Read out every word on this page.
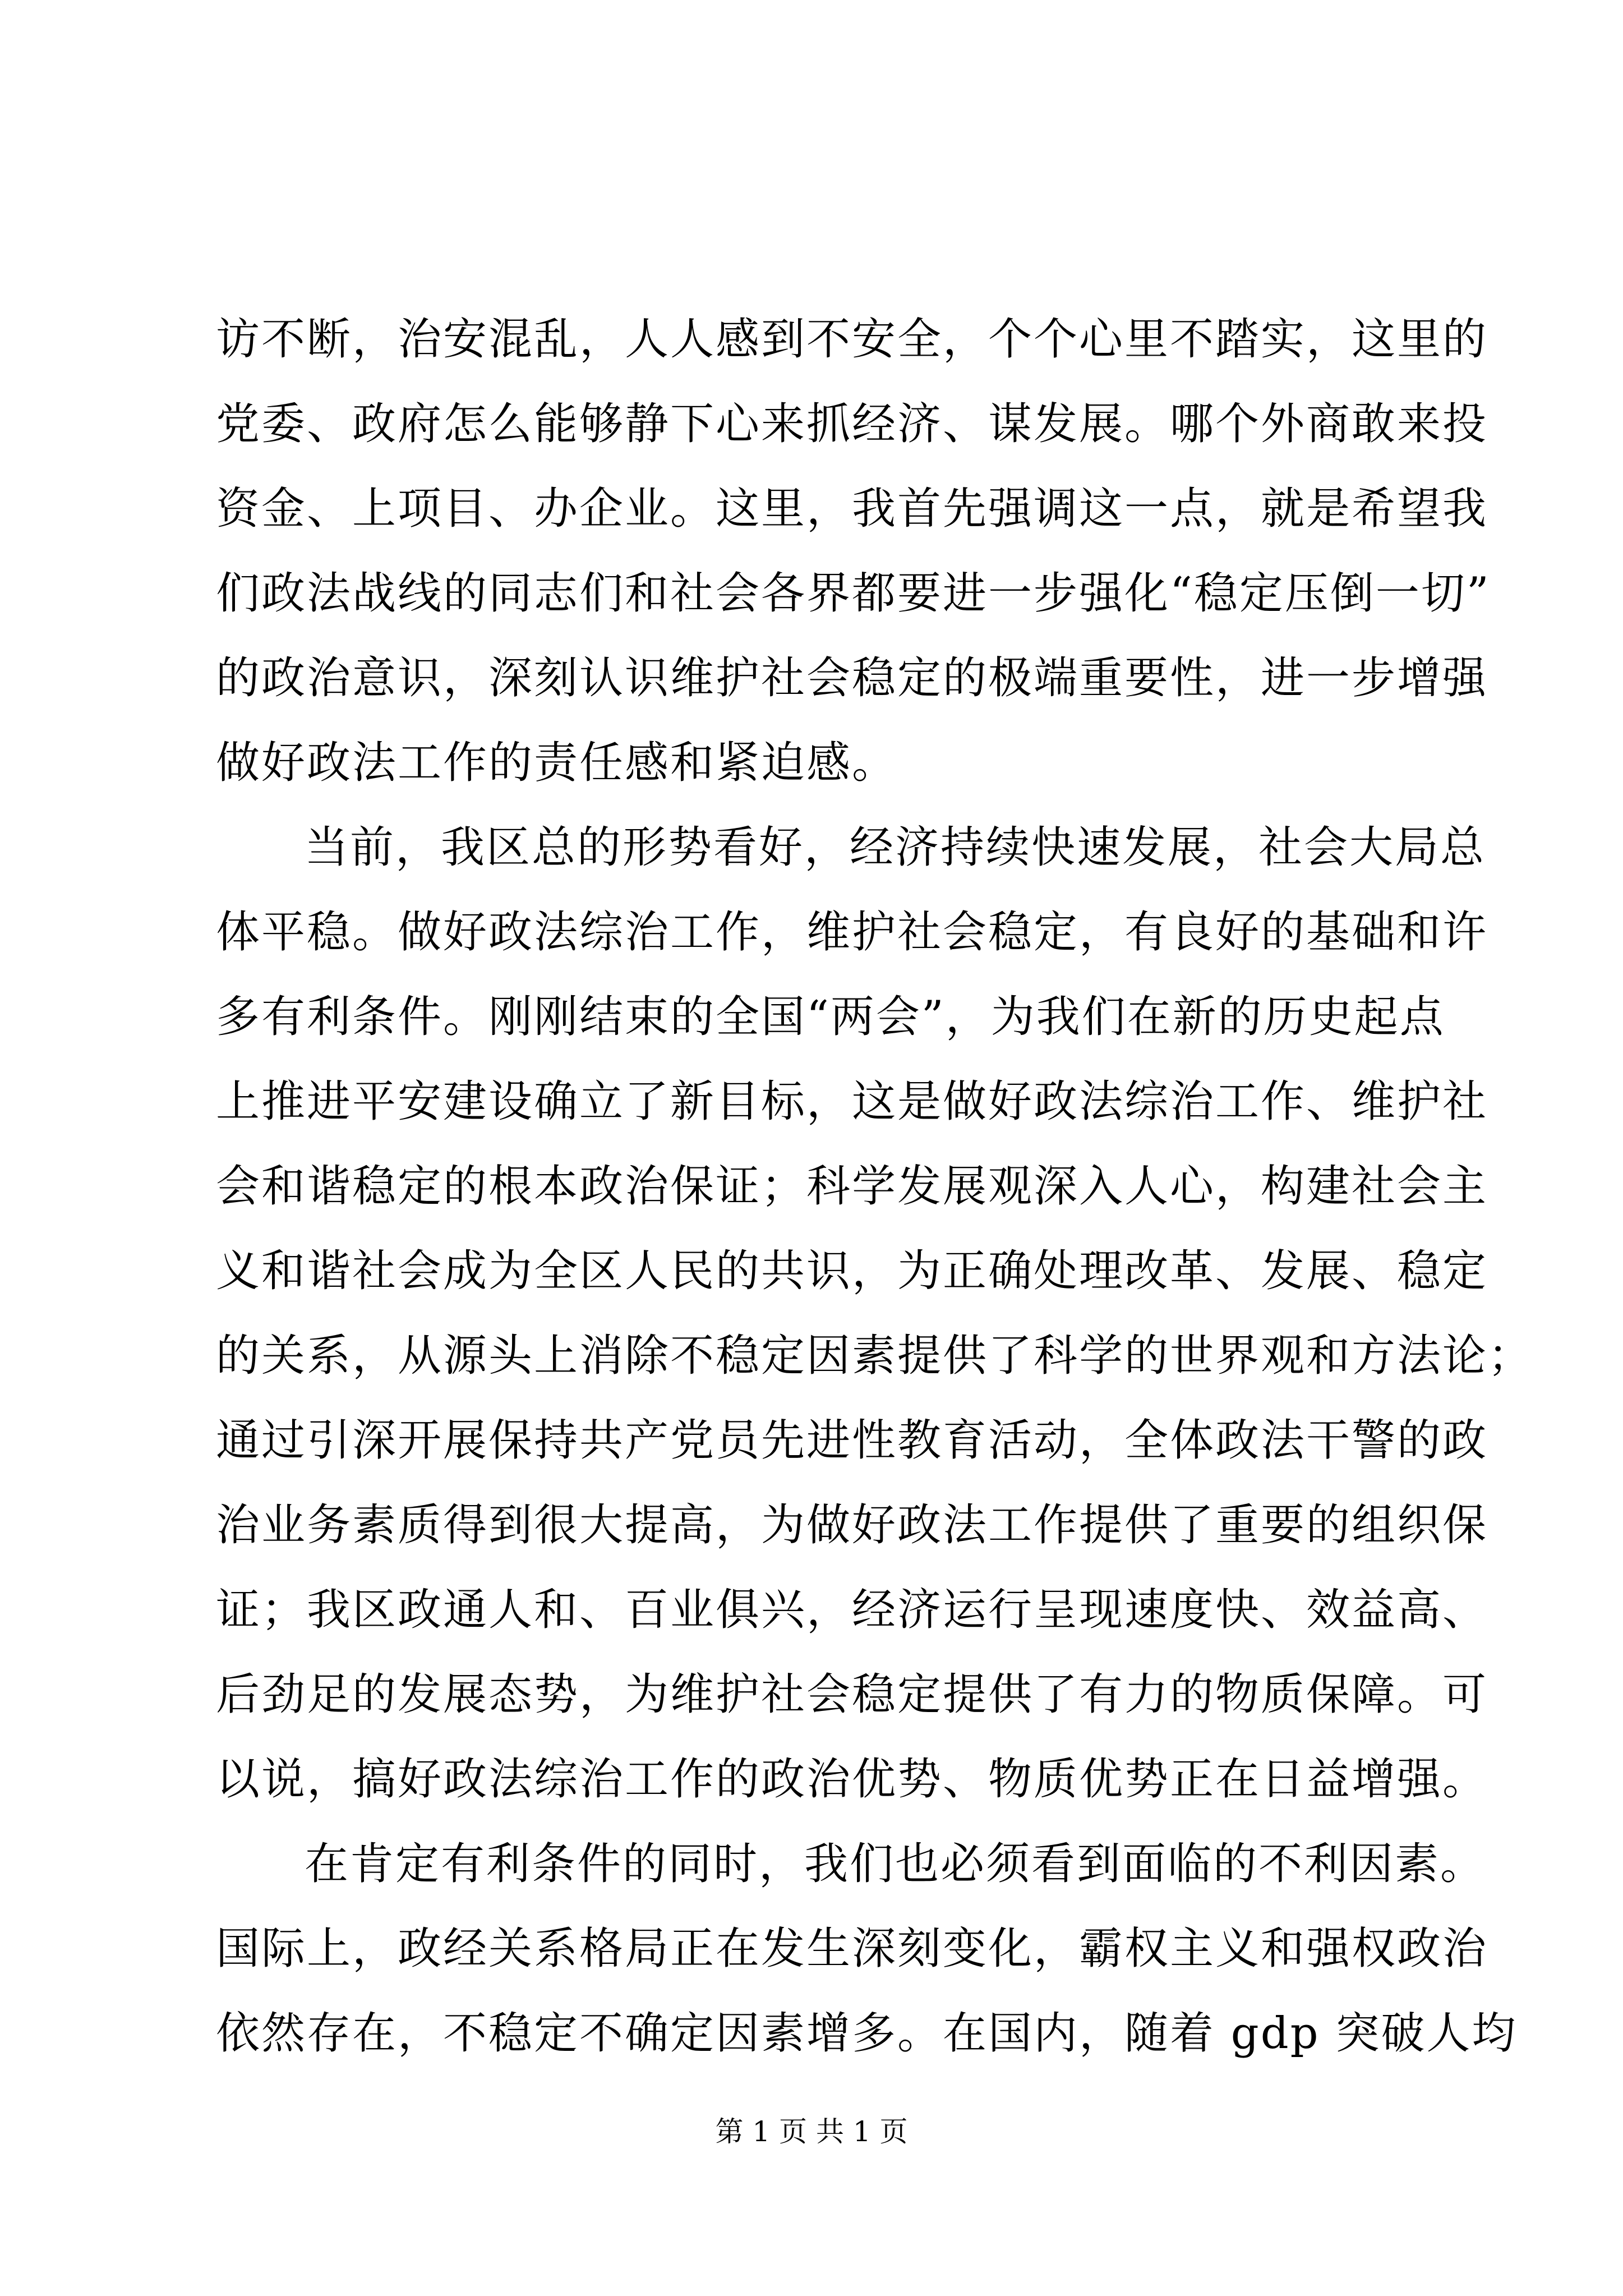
访不断，治安混乱，人人感到不安全，个个心里不踏实，这里的
党委、政府怎么能够静下心来抓经济、谋发展。哪个外商敢来投
资金、上项目、办企业。这里，我首先强调这一点，就是希望我
们政法战线的同志们和社会各界都要进一步强化“稳定压倒一切”
的政治意识，深刻认识维护社会稳定的极端重要性，进一步增强
做好政法工作的责任感和紧迫感。
当前，我区总的形势看好，经济持续快速发展，社会大局总
体平稳。做好政法综治工作，维护社会稳定，有良好的基础和许
多有利条件。刚刚结束的全国“两会”，为我们在新的历史起点
上推进平安建设确立了新目标，这是做好政法综治工作、维护社
会和谐稳定的根本政治保证；科学发展观深入人心，构建社会主
义和谐社会成为全区人民的共识，为正确处理改革、发展、稳定
的关系，从源头上消除不稳定因素提供了科学的世界观和方法论；
通过引深开展保持共产党员先进性教育活动，全体政法干警的政
治业务素质得到很大提高，为做好政法工作提供了重要的组织保
证；我区政通人和、百业俱兴，经济运行呈现速度快、效益高、
后劲足的发展态势，为维护社会稳定提供了有力的物质保障。可
以说，搞好政法综治工作的政治优势、物质优势正在日益增强。
在肯定有利条件的同时，我们也必须看到面临的不利因素。
国际上，政经关系格局正在发生深刻变化，霸权主义和强权政治
依然存在，不稳定不确定因素增多。在国内，随着 gdp 突破人均
第 1 页 共 1 页
